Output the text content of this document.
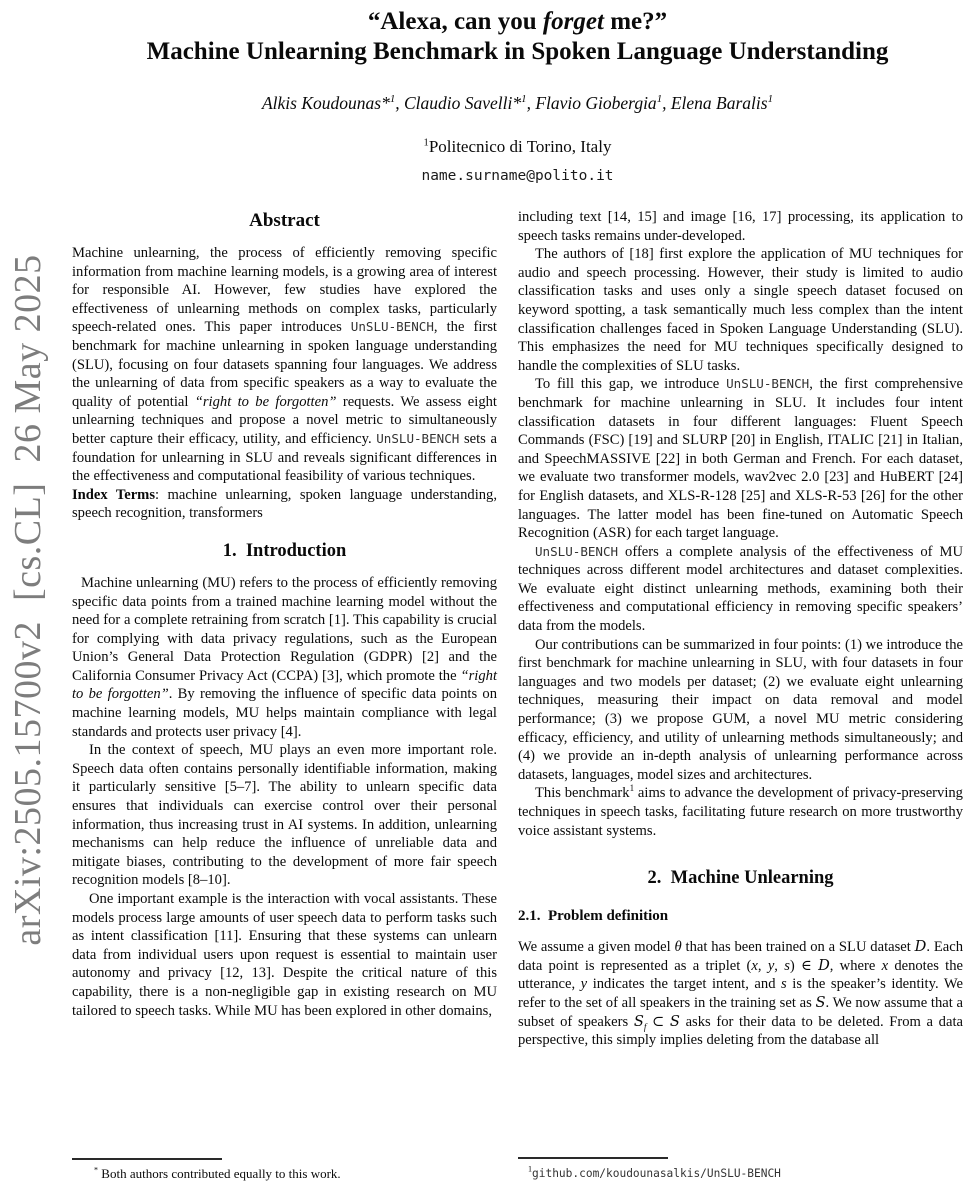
arXiv:2505.15700v2  [cs.CL]  26 May 2025
“Alexa, can you forget me?”
Machine Unlearning Benchmark in Spoken Language Understanding
Alkis Koudounas*$^1$, Claudio Savelli*$^1$, Flavio Giobergia$^1$, Elena Baralis$^1$
$^1$Politecnico di Torino, Italy
name.surname@polito.it
Abstract

Machine unlearning, the process of efficiently removing specific information from machine learning models, is a growing area of interest for responsible AI. However, few studies have explored the effectiveness of unlearning methods on complex tasks, particularly speech-related ones. This paper introduces UnSLU-BENCH, the first benchmark for machine unlearning in spoken language understanding (SLU), focusing on four datasets spanning four languages. We address the unlearning of data from specific speakers as a way to evaluate the quality of potential “right to be forgotten” requests. We assess eight unlearning techniques and propose a novel metric to simultaneously better capture their efficacy, utility, and efficiency. UnSLU-BENCH sets a foundation for unlearning in SLU and reveals significant differences in the effectiveness and computational feasibility of various techniques.

Index Terms: machine unlearning, spoken language understanding, speech recognition, transformers

1.  Introduction

Machine unlearning (MU) refers to the process of efficiently removing specific data points from a trained machine learning model without the need for a complete retraining from scratch [1]. This capability is crucial for complying with data privacy regulations, such as the European Union’s General Data Protection Regulation (GDPR) [2] and the California Consumer Privacy Act (CCPA) [3], which promote the “right to be forgotten”. By removing the influence of specific data points on machine learning models, MU helps maintain compliance with legal standards and protects user privacy [4].

In the context of speech, MU plays an even more important role. Speech data often contains personally identifiable information, making it particularly sensitive [5–7]. The ability to unlearn specific data ensures that individuals can exercise control over their personal information, thus increasing trust in AI systems. In addition, unlearning mechanisms can help reduce the influence of unreliable data and mitigate biases, contributing to the development of more fair speech recognition models [8–10].

One important example is the interaction with vocal assistants. These models process large amounts of user speech data to perform tasks such as intent classification [11]. Ensuring that these systems can unlearn data from individual users upon request is essential to maintain user autonomy and privacy [12, 13]. Despite the critical nature of this capability, there is a non-negligible gap in existing research on MU tailored to speech tasks. While MU has been explored in other domains,

* Both authors contributed equally to this work.

including text [14, 15] and image [16, 17] processing, its application to speech tasks remains under-developed.

The authors of [18] first explore the application of MU techniques for audio and speech processing. However, their study is limited to audio classification tasks and uses only a single speech dataset focused on keyword spotting, a task semantically much less complex than the intent classification challenges faced in Spoken Language Understanding (SLU). This emphasizes the need for MU techniques specifically designed to handle the complexities of SLU tasks.

To fill this gap, we introduce UnSLU-BENCH, the first comprehensive benchmark for machine unlearning in SLU. It includes four intent classification datasets in four different languages: Fluent Speech Commands (FSC) [19] and SLURP [20] in English, ITALIC [21] in Italian, and SpeechMASSIVE [22] in both German and French. For each dataset, we evaluate two transformer models, wav2vec 2.0 [23] and HuBERT [24] for English datasets, and XLS-R-128 [25] and XLS-R-53 [26] for the other languages. The latter model has been fine-tuned on Automatic Speech Recognition (ASR) for each target language.

UnSLU-BENCH offers a complete analysis of the effectiveness of MU techniques across different model architectures and dataset complexities. We evaluate eight distinct unlearning methods, examining both their effectiveness and computational efficiency in removing specific speakers’ data from the models.

Our contributions can be summarized in four points: (1) we introduce the first benchmark for machine unlearning in SLU, with four datasets in four languages and two models per dataset; (2) we evaluate eight unlearning techniques, measuring their impact on data removal and model performance; (3) we propose GUM, a novel MU metric considering efficacy, efficiency, and utility of unlearning methods simultaneously; and (4) we provide an in-depth analysis of unlearning performance across datasets, languages, model sizes and architectures.

This benchmark$^1$ aims to advance the development of privacy-preserving techniques in speech tasks, facilitating future research on more trustworthy voice assistant systems.

2.  Machine Unlearning
2.1.  Problem definition

We assume a given model θ that has been trained on a SLU dataset D. Each data point is represented as a triplet (x, y, s) ∈ D, where x denotes the utterance, y indicates the target intent, and s is the speaker’s identity. We refer to the set of all speakers in the training set as S. We now assume that a subset of speakers $S_f$ ⊂ S asks for their data to be deleted. From a data perspective, this simply implies deleting from the database all

$^1$github.com/koudounasalkis/UnSLU-BENCH
